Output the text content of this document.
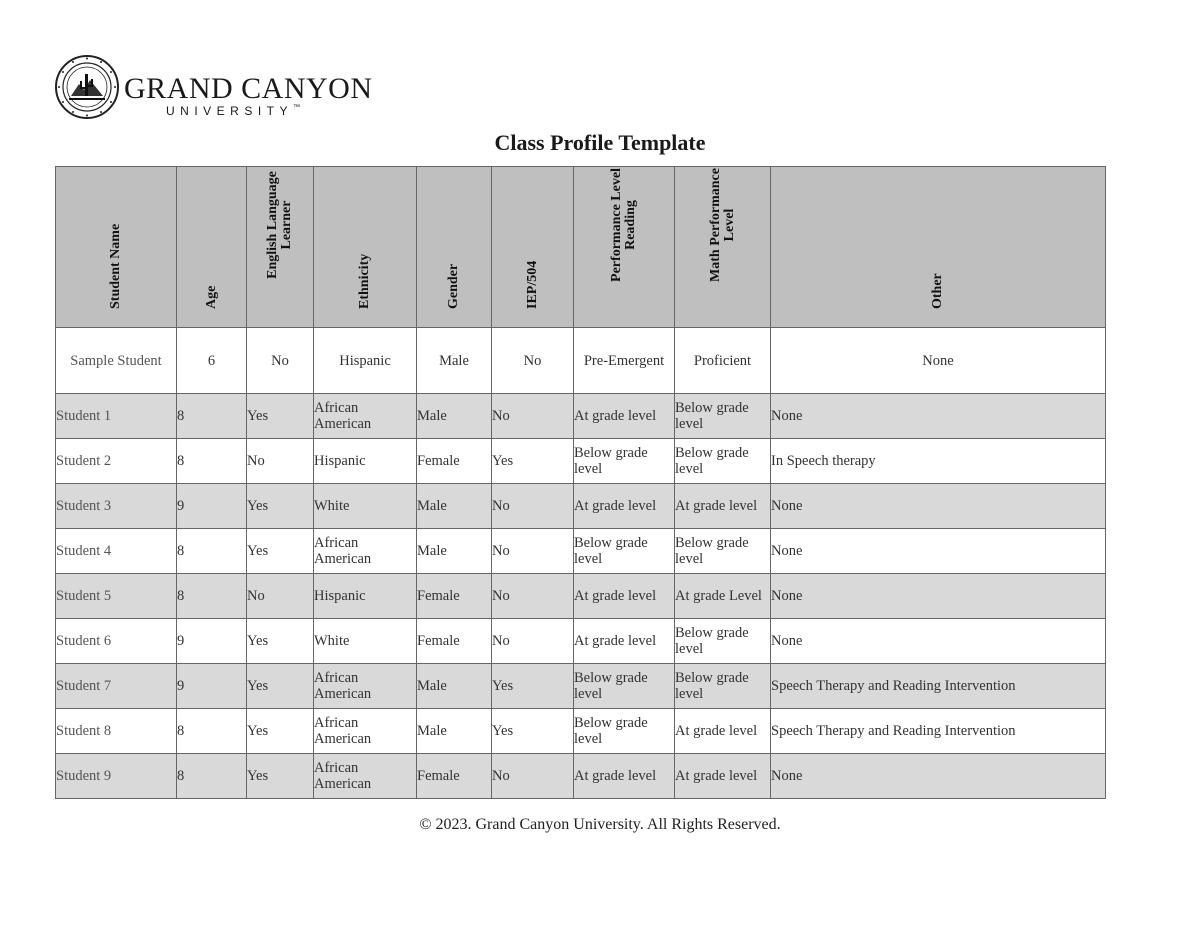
GRAND CANYON
UNIVERSITY™
Class Profile Template
Student Name	Age	English Language Learner	Ethnicity	Gender	IEP/504	Performance Level Reading	Math Performance Level	Other

Sample Student	6	No	Hispanic	Male	No	Pre-Emergent	Proficient	None
Student 1	8	Yes	African American	Male	No	At grade level	Below grade level	None
Student 2	8	No	Hispanic	Female	Yes	Below grade level	Below grade level	In Speech therapy
Student 3	9	Yes	White	Male	No	At grade level	At grade level	None
Student 4	8	Yes	African American	Male	No	Below grade level	Below grade level	None
Student 5	8	No	Hispanic	Female	No	At grade level	At grade Level	None
Student 6	9	Yes	White	Female	No	At grade level	Below grade level	None
Student 7	9	Yes	African American	Male	Yes	Below grade level	Below grade level	Speech Therapy and Reading Intervention
Student 8	8	Yes	African American	Male	Yes	Below grade level	At grade level	Speech Therapy and Reading Intervention
Student 9	8	Yes	African American	Female	No	At grade level	At grade level	None
© 2023. Grand Canyon University. All Rights Reserved.
